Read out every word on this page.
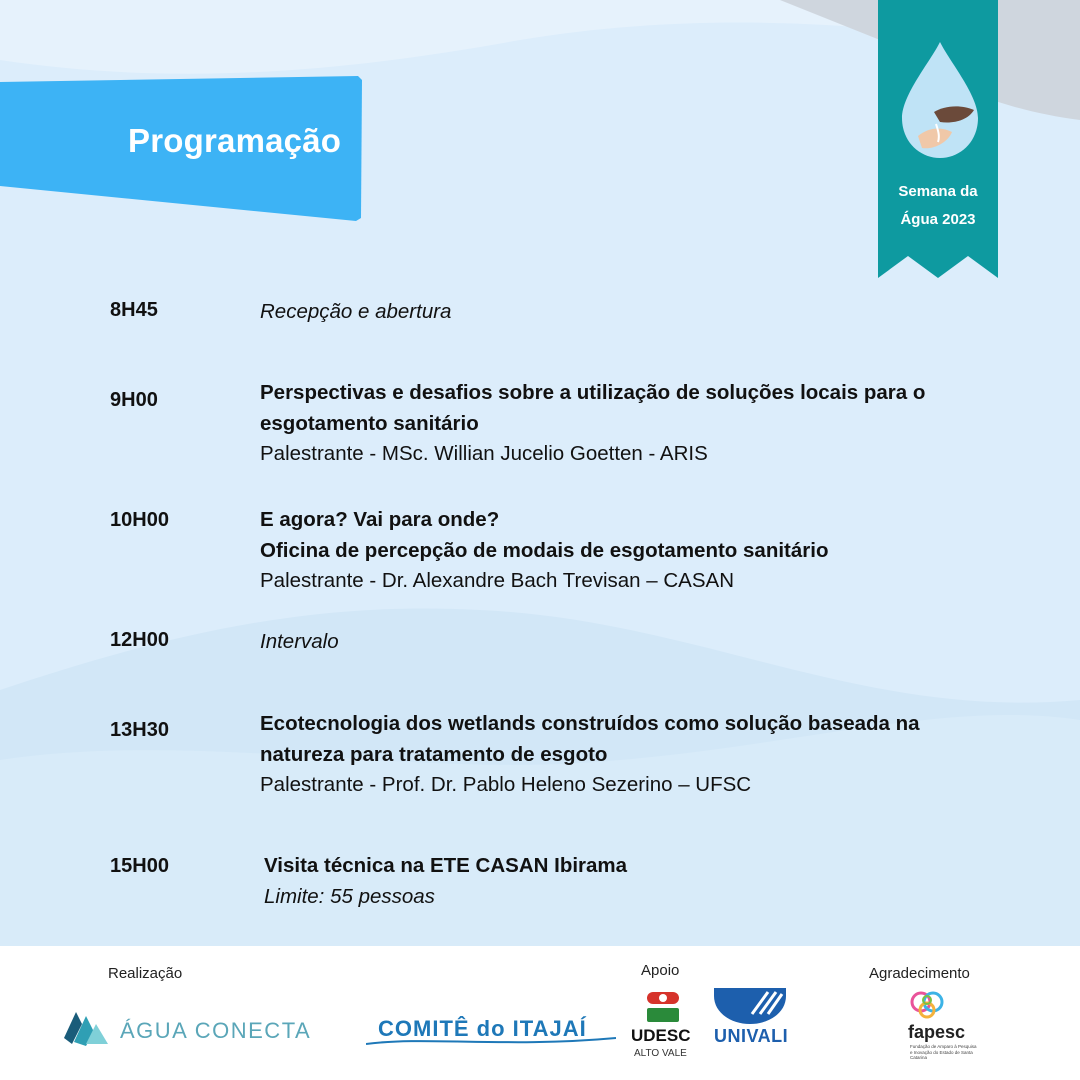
Programação
Semana da
Água 2023
8H45	Recepção e abertura
9H00	Perspectivas e desafios sobre a utilização de soluções locais para o
esgotamento sanitário
Palestrante - MSc. Willian Jucelio Goetten - ARIS
10H00	E agora? Vai para onde?
Oficina de percepção de modais de esgotamento sanitário
Palestrante - Dr. Alexandre Bach Trevisan – CASAN
12H00	Intervalo
13H30	Ecotecnologia dos wetlands construídos como solução baseada na
natureza para tratamento de esgoto
Palestrante - Prof. Dr. Pablo Heleno Sezerino – UFSC
15H00	Visita técnica na ETE CASAN Ibirama
Limite: 55 pessoas
Realização	Apoio	Agradecimento
ÁGUA CONECTA	COMITÊ do ITAJAÍ	UDESC
ALTO VALE
UNIVALI	fapesc
Fundação de Amparo à Pesquisa e Inovação do Estado de Santa Catarina
